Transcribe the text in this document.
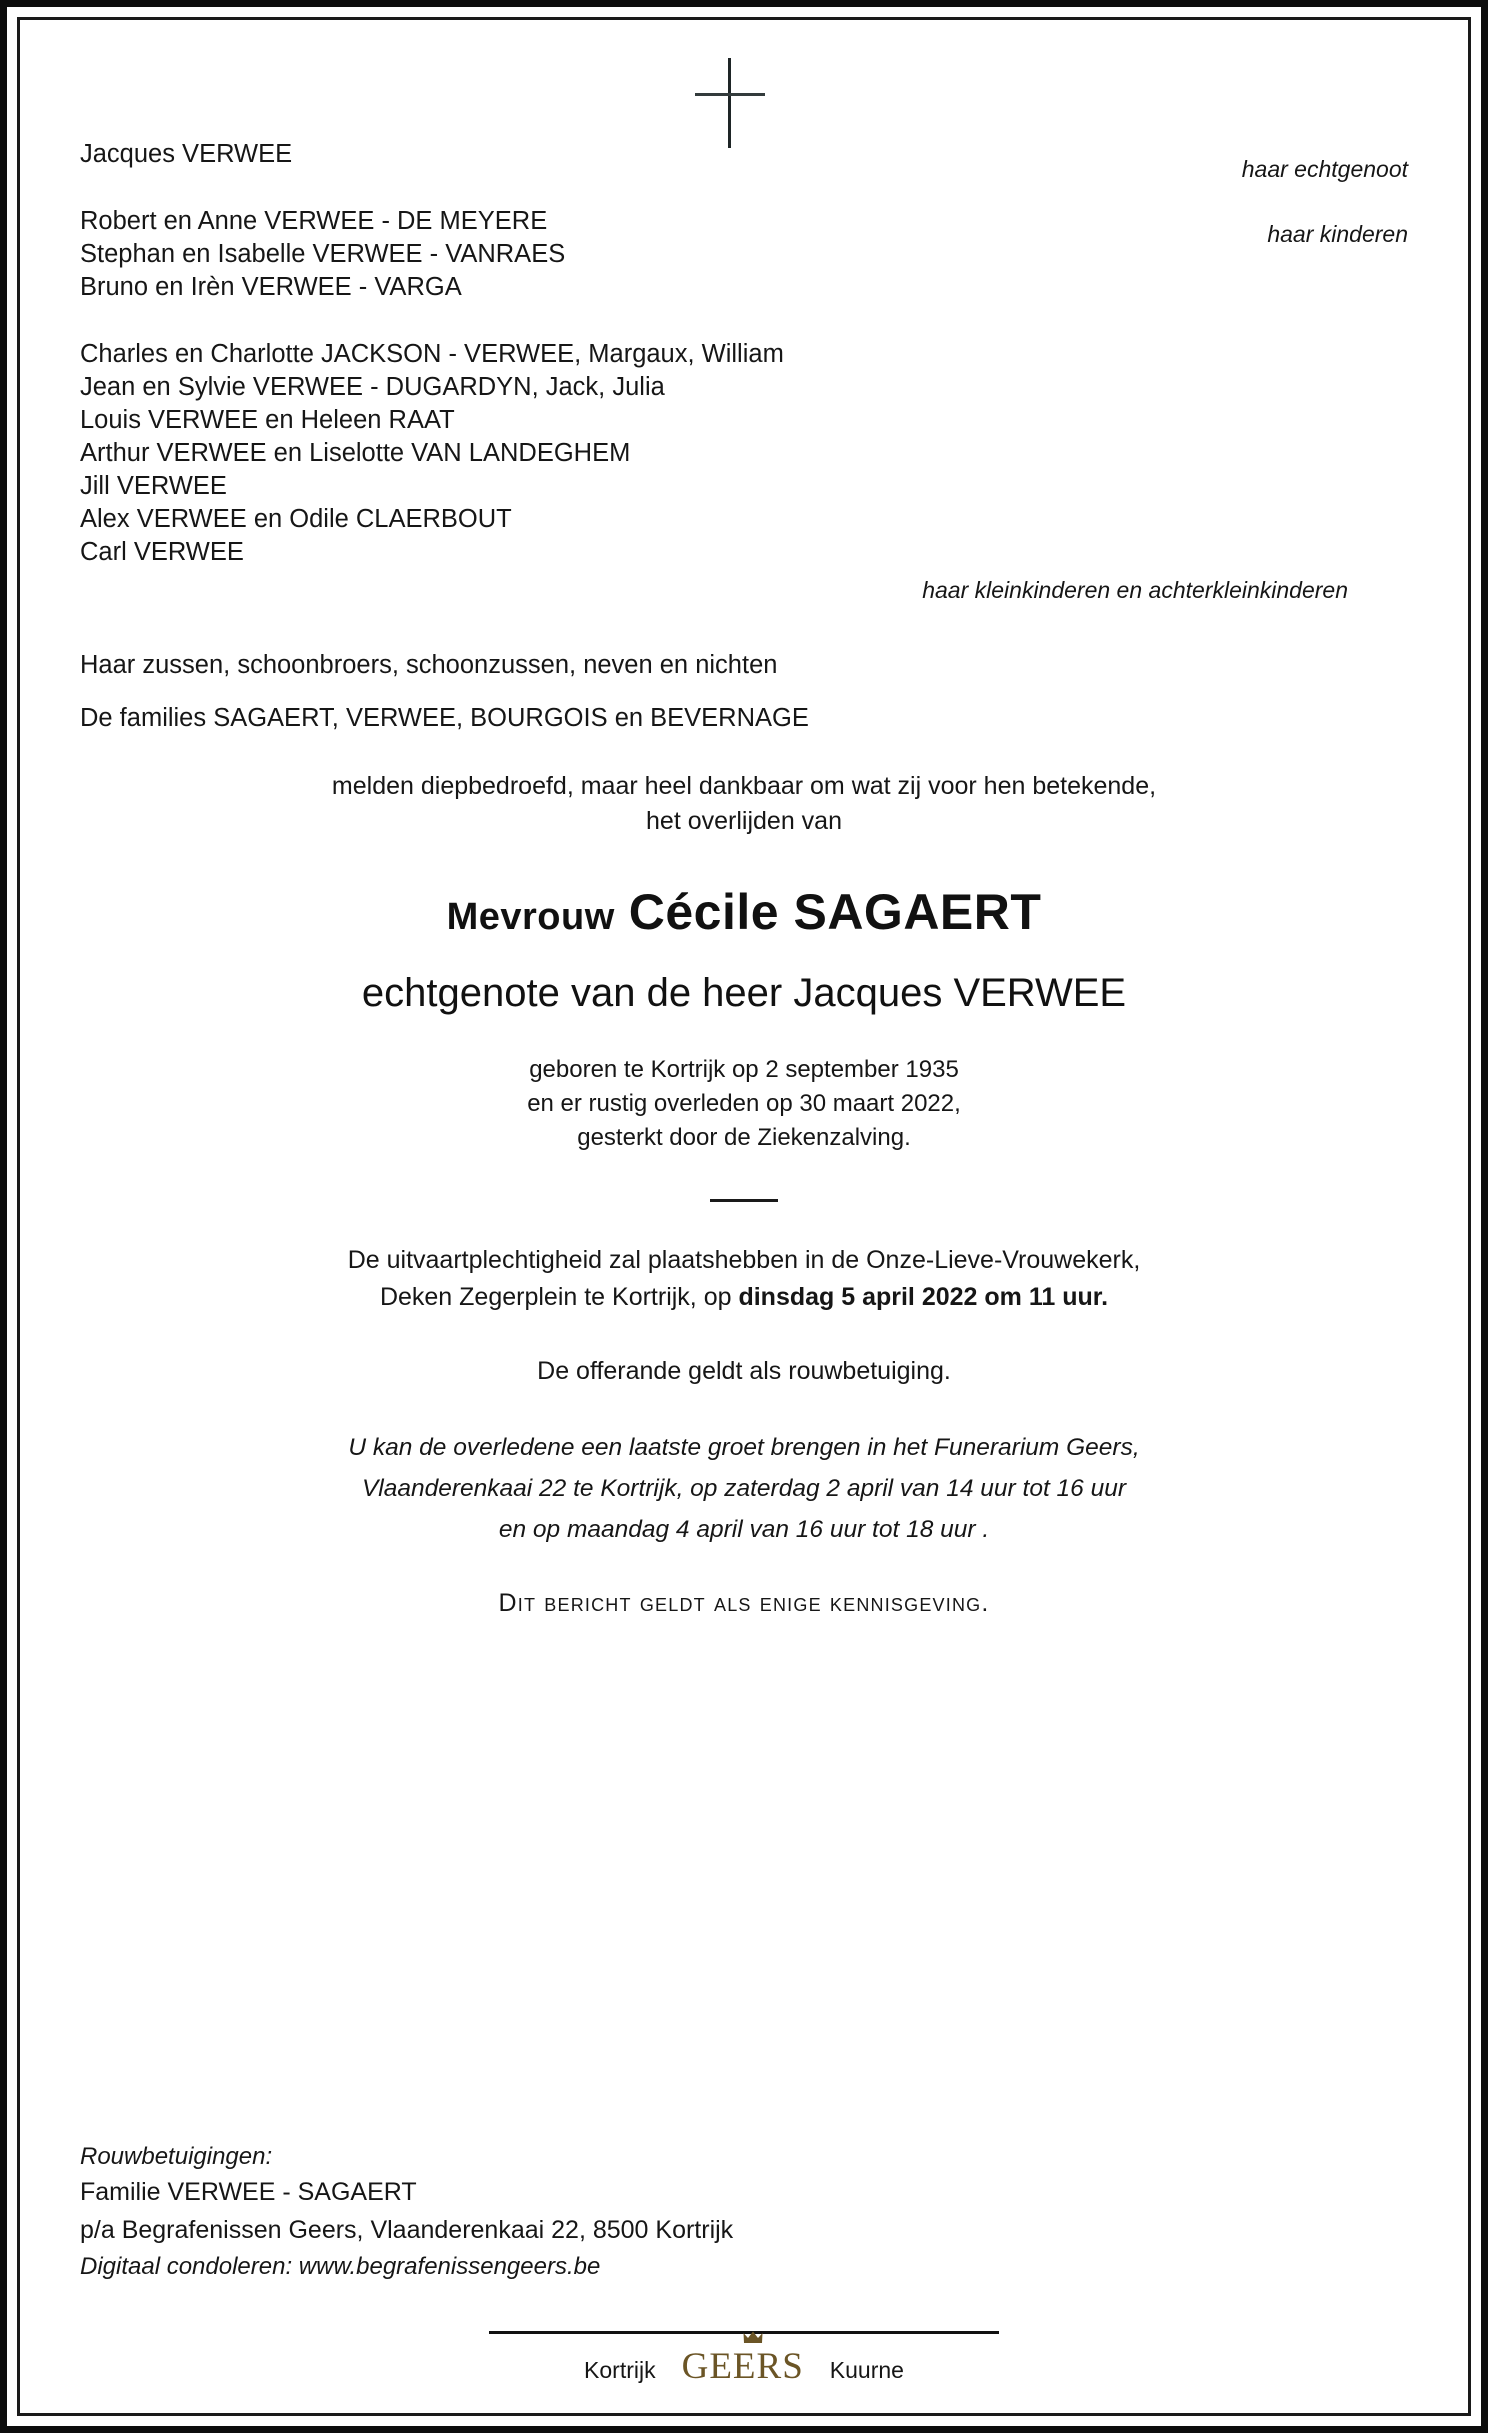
Jacques VERWEE
haar echtgenoot
Robert en Anne VERWEE - DE MEYERE
Stephan en Isabelle VERWEE - VANRAES
Bruno en Irèn VERWEE - VARGA
haar kinderen
Charles en Charlotte JACKSON - VERWEE, Margaux, William
Jean en Sylvie VERWEE - DUGARDYN, Jack, Julia
Louis VERWEE en Heleen RAAT
Arthur VERWEE en Liselotte VAN LANDEGHEM
Jill VERWEE
Alex VERWEE en Odile CLAERBOUT
Carl VERWEE
haar kleinkinderen en achterkleinkinderen
Haar zussen, schoonbroers, schoonzussen, neven en nichten
De families SAGAERT, VERWEE, BOURGOIS en BEVERNAGE
melden diepbedroefd, maar heel dankbaar om wat zij voor hen betekende,
het overlijden van
Mevrouw Cécile SAGAERT
echtgenote van de heer Jacques VERWEE
geboren te Kortrijk op 2 september 1935
en er rustig overleden op 30 maart 2022,
gesterkt door de Ziekenzalving.
De uitvaartplechtigheid zal plaatshebben in de Onze-Lieve-Vrouwekerk,
Deken Zegerplein te Kortrijk, op dinsdag 5 april 2022 om 11 uur.
De offerande geldt als rouwbetuiging.
U kan de overledene een laatste groet brengen in het Funerarium Geers,
Vlaanderenkaai 22 te Kortrijk, op zaterdag 2 april van 14 uur tot 16 uur
en op maandag 4 april van 16 uur tot 18 uur .
Dit bericht geldt als enige kennisgeving.
Rouwbetuigingen:
Familie VERWEE - SAGAERT
p/a Begrafenissen Geers, Vlaanderenkaai 22, 8500 Kortrijk
Digitaal condoleren: www.begrafenissengeers.be
Kortrijk GEERS Kuurne
